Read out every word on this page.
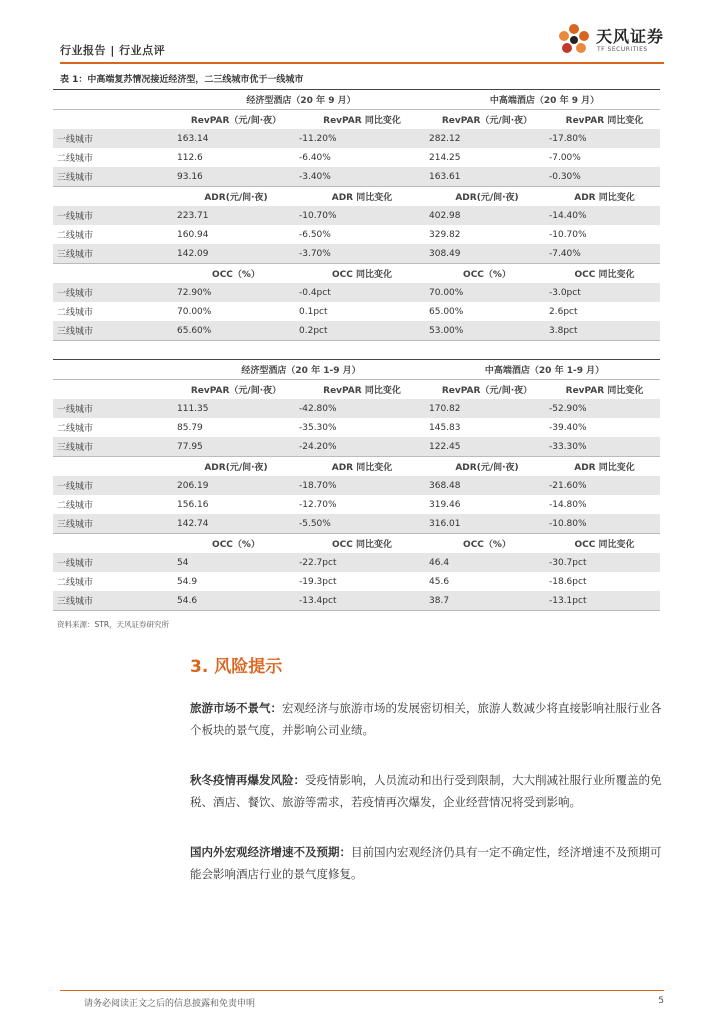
行业报告 | 行业点评
天风证券
TF SECURITIES
表 1：中高端复苏情况接近经济型，二三线城市优于一线城市
	经济型酒店（20 年 9 月）		中高端酒店（20 年 9 月）	
	RevPAR（元/间·夜）	RevPAR 同比变化	RevPAR（元/间·夜）	RevPAR 同比变化
一线城市	163.14	-11.20%	282.12	-17.80%
二线城市	112.6	-6.40%	214.25	-7.00%
三线城市	93.16	-3.40%	163.61	-0.30%
	ADR(元/间·夜)	ADR 同比变化	ADR(元/间·夜)	ADR 同比变化
一线城市	223.71	-10.70%	402.98	-14.40%
二线城市	160.94	-6.50%	329.82	-10.70%
三线城市	142.09	-3.70%	308.49	-7.40%
	OCC（%）	OCC 同比变化	OCC（%）	OCC 同比变化
一线城市	72.90%	-0.4pct	70.00%	-3.0pct
二线城市	70.00%	0.1pct	65.00%	2.6pct
三线城市	65.60%	0.2pct	53.00%	3.8pct
	经济型酒店（20 年 1-9 月）		中高端酒店（20 年 1-9 月）	
	RevPAR（元/间·夜）	RevPAR 同比变化	RevPAR（元/间·夜）	RevPAR 同比变化
一线城市	111.35	-42.80%	170.82	-52.90%
二线城市	85.79	-35.30%	145.83	-39.40%
三线城市	77.95	-24.20%	122.45	-33.30%
	ADR(元/间·夜)	ADR 同比变化	ADR(元/间·夜)	ADR 同比变化
一线城市	206.19	-18.70%	368.48	-21.60%
二线城市	156.16	-12.70%	319.46	-14.80%
三线城市	142.74	-5.50%	316.01	-10.80%
	OCC（%）	OCC 同比变化	OCC（%）	OCC 同比变化
一线城市	54	-22.7pct	46.4	-30.7pct
二线城市	54.9	-19.3pct	45.6	-18.6pct
三线城市	54.6	-13.4pct	38.7	-13.1pct
资料来源：STR，天风证券研究所
3. 风险提示
旅游市场不景气：宏观经济与旅游市场的发展密切相关，旅游人数减少将直接影响社服行业各个板块的景气度，并影响公司业绩。
秋冬疫情再爆发风险：受疫情影响，人员流动和出行受到限制，大大削减社服行业所覆盖的免税、酒店、餐饮、旅游等需求，若疫情再次爆发，企业经营情况将受到影响。
国内外宏观经济增速不及预期：目前国内宏观经济仍具有一定不确定性，经济增速不及预期可能会影响酒店行业的景气度修复。
请务必阅读正文之后的信息披露和免责申明	5
